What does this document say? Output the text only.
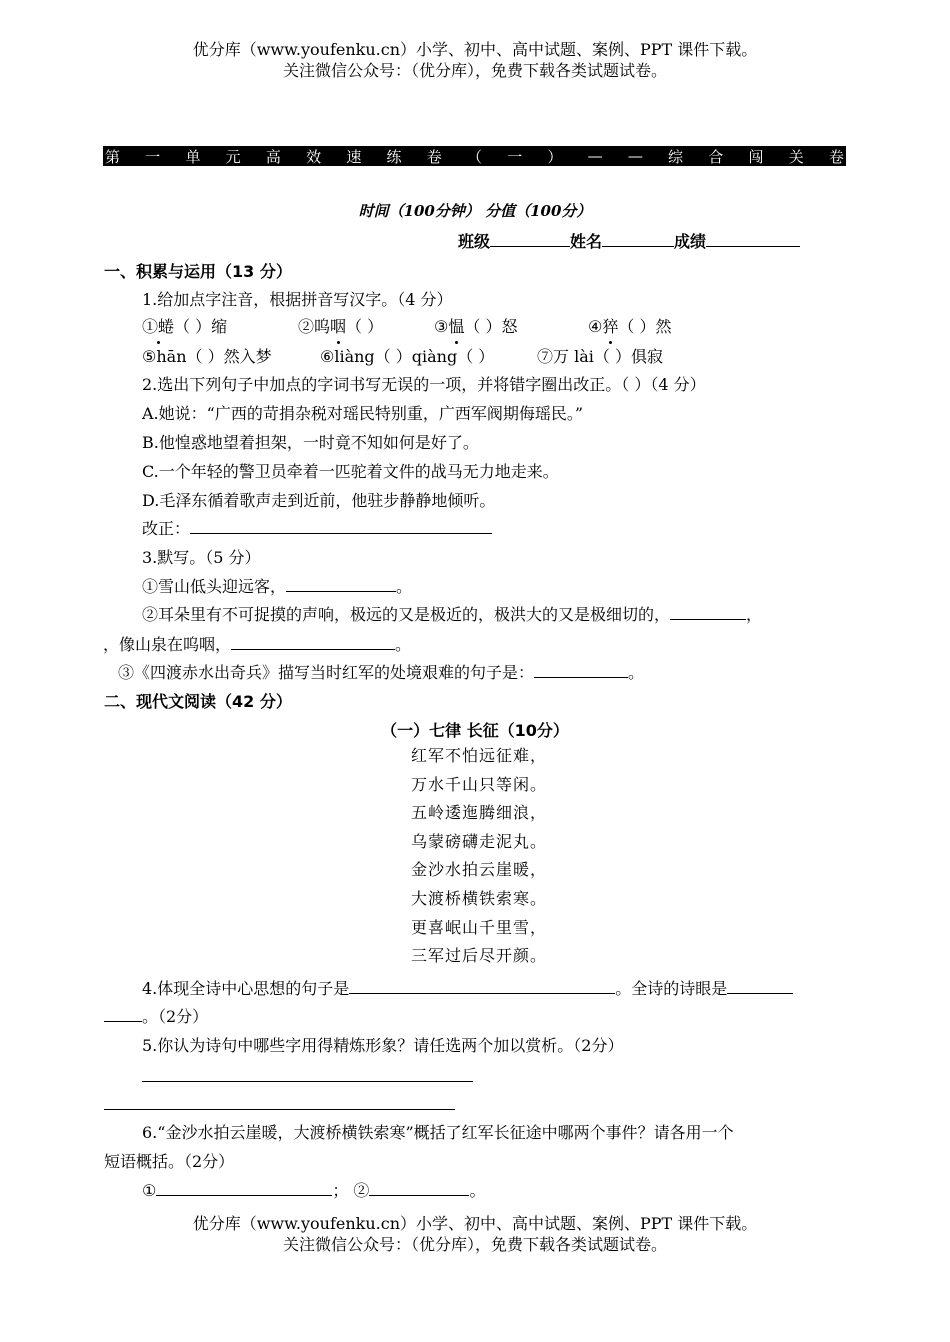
优分库（www.youfenku.cn）小学、初中、高中试题、案例、PPT 课件下载。
关注微信公众号：（优分库），免费下载各类试题试卷。
第 一 单 元 高 效 速 练 卷 （ 一 ） — — 综 合 闯 关 卷
时间（100分钟） 分值（100分）
班级	姓名	成绩
一、积累与运用（13 分）
1.给加点字注音，根据拼音写汉字。（4 分）
①蜷（ ）缩	②呜咽（ ）	③愠（ ）怒	④猝（ ）然
⑤hān（ ）然入梦	⑥liàng（ ）qiàng（ ）	⑦万 lài（ ）俱寂
2.选出下列句子中加点的字词书写无误的一项，并将错字圈出改正。（ ）（4 分）
A.她说：“广西的苛捐杂税对瑶民特别重，广西军阀期侮瑶民。”
B.他惶惑地望着担架，一时竟不知如何是好了。
C.一个年轻的警卫员牵着一匹驼着文件的战马无力地走来。
D.毛泽东循着歌声走到近前，他驻步静静地倾听。
改正：
3.默写。（5 分）
①雪山低头迎远客，	。
②耳朵里有不可捉摸的声响，极远的又是极近的，极洪大的又是极细切的，	，
，像山泉在呜咽，	。
③《四渡赤水出奇兵》描写当时红军的处境艰难的句子是：	。
二、现代文阅读（42 分）
（一）七律 长征（10分）
红军不怕远征难，
万水千山只等闲。
五岭逶迤腾细浪，
乌蒙磅礴走泥丸。
金沙水拍云崖暖，
大渡桥横铁索寒。
更喜岷山千里雪，
三军过后尽开颜。
4.体现全诗中心思想的句子是	。全诗的诗眼是
。（2分）
5.你认为诗句中哪些字用得精炼形象？请任选两个加以赏析。（2分）
6.“金沙水拍云崖暖，大渡桥横铁索寒”概括了红军长征途中哪两个事件？请各用一个
短语概括。（2分）
①	； ②	。
优分库（www.youfenku.cn）小学、初中、高中试题、案例、PPT 课件下载。
关注微信公众号：（优分库），免费下载各类试题试卷。
